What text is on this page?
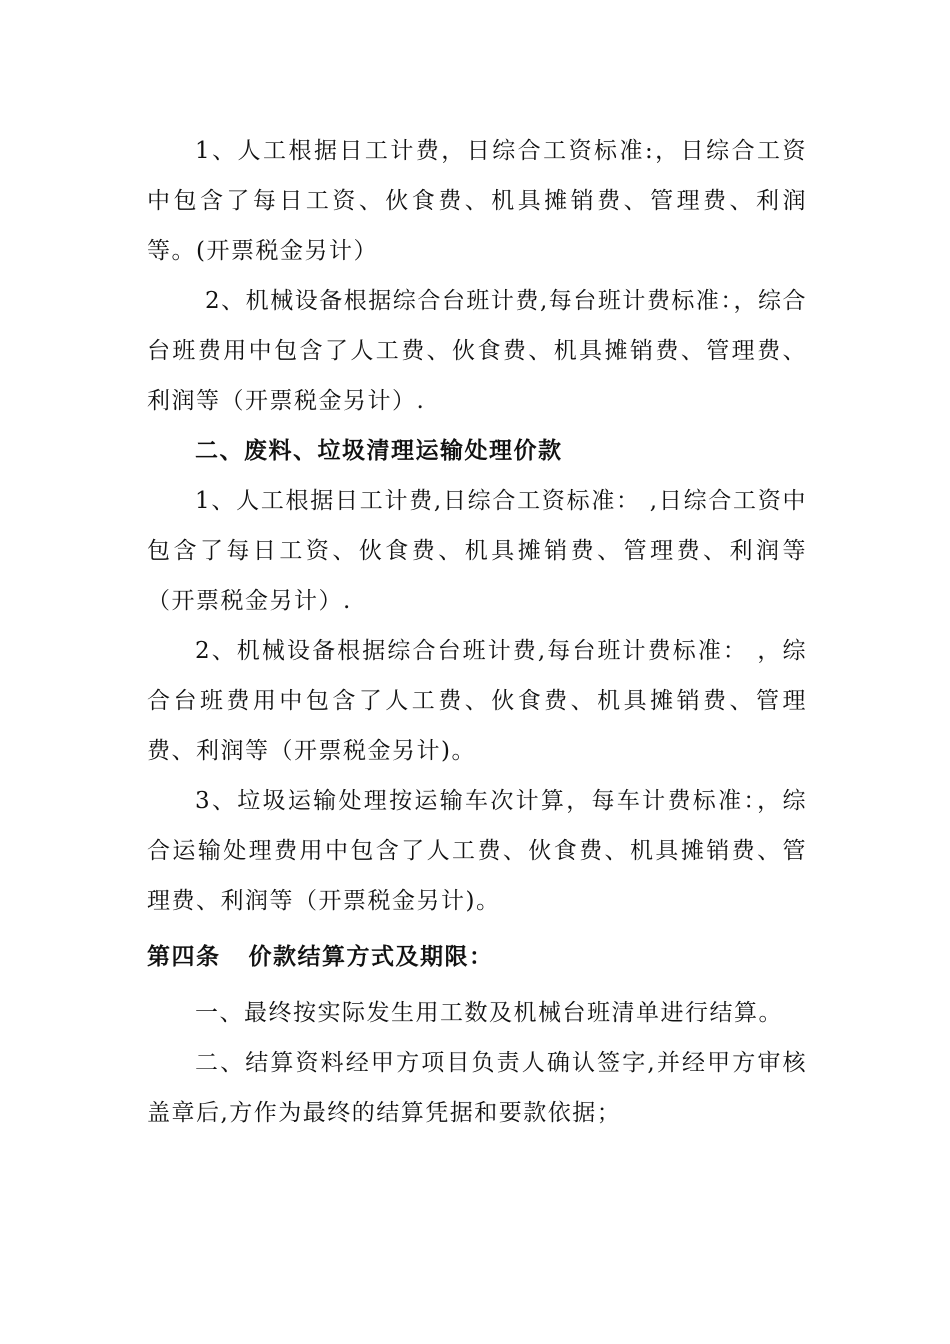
1、人工根据日工计费，日综合工资标准:，日综合工资中包含了每日工资、伙食费、机具摊销费、管理费、利润等。(开票税金另计）

2、机械设备根据综合台班计费,每台班计费标准：，综合台班费用中包含了人工费、伙食费、机具摊销费、管理费、利润等（开票税金另计）.

二、废料、垃圾清理运输处理价款

1、人工根据日工计费,日综合工资标准： ,日综合工资中包含了每日工资、伙食费、机具摊销费、管理费、利润等（开票税金另计）.

2、机械设备根据综合台班计费,每台班计费标准： ，综合台班费用中包含了人工费、伙食费、机具摊销费、管理费、利润等（开票税金另计)。

3、垃圾运输处理按运输车次计算，每车计费标准：，综合运输处理费用中包含了人工费、伙食费、机具摊销费、管理费、利润等（开票税金另计)。

第四条 价款结算方式及期限：

一、最终按实际发生用工数及机械台班清单进行结算。

二、结算资料经甲方项目负责人确认签字,并经甲方审核盖章后,方作为最终的结算凭据和要款依据；
